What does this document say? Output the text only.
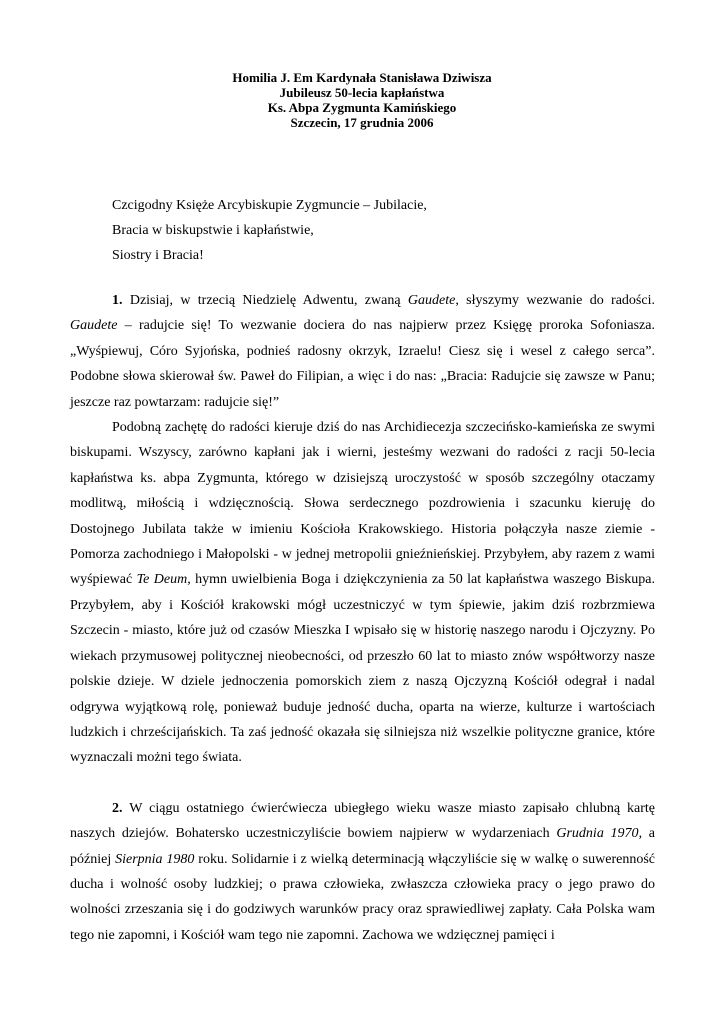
Homilia J. Em Kardynała Stanisława Dziwisza
Jubileusz 50-lecia kapłaństwa
Ks. Abpa Zygmunta Kamińskiego
Szczecin, 17 grudnia 2006
Czcigodny Księże Arcybiskupie Zygmuncie – Jubilacie,
Bracia w biskupstwie i kapłaństwie,
Siostry i Bracia!

1. Dzisiaj, w trzecią Niedzielę Adwentu, zwaną Gaudete, słyszymy wezwanie do radości. Gaudete – radujcie się! To wezwanie dociera do nas najpierw przez Księgę proroka Sofoniasza. „Wyśpiewuj, Córo Syjońska, podnieś radosny okrzyk, Izraelu! Ciesz się i wesel z całego serca”. Podobne słowa skierował św. Paweł do Filipian, a więc i do nas: „Bracia: Radujcie się zawsze w Panu; jeszcze raz powtarzam: radujcie się!”

Podobną zachętę do radości kieruje dziś do nas Archidiecezja szczecińsko-kamieńska ze swymi biskupami. Wszyscy, zarówno kapłani jak i wierni, jesteśmy wezwani do radości z racji 50-lecia kapłaństwa ks. abpa Zygmunta, którego w dzisiejszą uroczystość w sposób szczególny otaczamy modlitwą, miłością i wdzięcznością. Słowa serdecznego pozdrowienia i szacunku kieruję do Dostojnego Jubilata także w imieniu Kościoła Krakowskiego. Historia połączyła nasze ziemie - Pomorza zachodniego i Małopolski - w jednej metropolii gnieźnieńskiej. Przybyłem, aby razem z wami wyśpiewać Te Deum, hymn uwielbienia Boga i dziękczynienia za 50 lat kapłaństwa waszego Biskupa. Przybyłem, aby i Kościół krakowski mógł uczestniczyć w tym śpiewie, jakim dziś rozbrzmiewa Szczecin - miasto, które już od czasów Mieszka I wpisało się w historię naszego narodu i Ojczyzny. Po wiekach przymusowej politycznej nieobecności, od przeszło 60 lat to miasto znów współtworzy nasze polskie dzieje. W dziele jednoczenia pomorskich ziem z naszą Ojczyzną Kościół odegrał i nadal odgrywa wyjątkową rolę, ponieważ buduje jedność ducha, oparta na wierze, kulturze i wartościach ludzkich i chrześcijańskich. Ta zaś jedność okazała się silniejsza niż wszelkie polityczne granice, które wyznaczali możni tego świata.

2. W ciągu ostatniego ćwierćwiecza ubiegłego wieku wasze miasto zapisało chlubną kartę naszych dziejów. Bohatersko uczestniczyliście bowiem najpierw w wydarzeniach Grudnia 1970, a później Sierpnia 1980 roku. Solidarnie i z wielką determinacją włączyliście się w walkę o suwerenność ducha i wolność osoby ludzkiej; o prawa człowieka, zwłaszcza człowieka pracy o jego prawo do wolności zrzeszania się i do godziwych warunków pracy oraz sprawiedliwej zapłaty. Cała Polska wam tego nie zapomni, i Kościół wam tego nie zapomni. Zachowa we wdzięcznej pamięci i
